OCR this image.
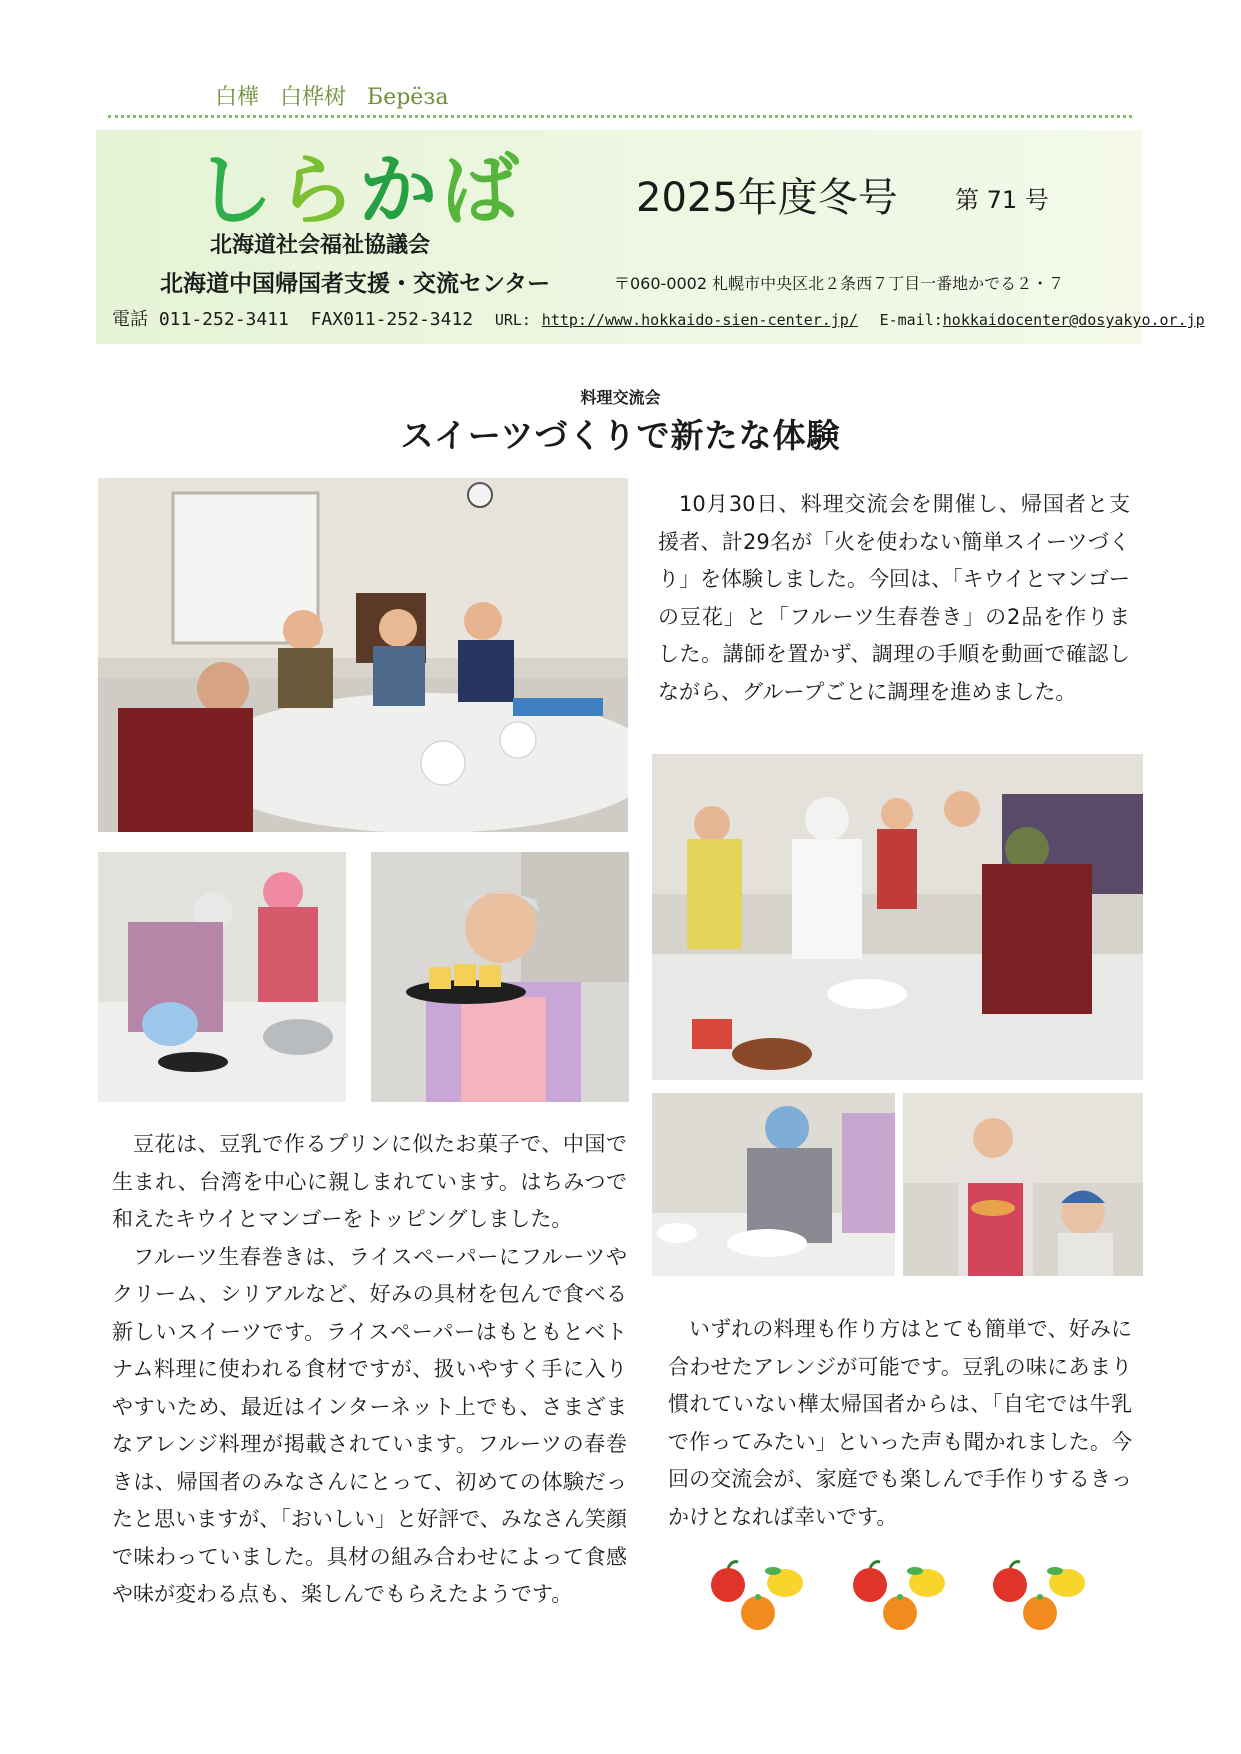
白樺 白桦树 Берёза
しらかば	2025年度冬号 第 71 号
北海道社会福祉協議会
北海道中国帰国者支援・交流センター	〒060-0002 札幌市中央区北２条西７丁目一番地かでる２・７
電話 011-252-3411 FAX011-252-3412 URL: http://www.hokkaido-sien-center.jp/ E-mail:hokkaidocenter@dosyakyo.or.jp
料理交流会
スイーツづくりで新たな体験

10月30日、料理交流会を開催し、帰国者と支援者、計29名が「火を使わない簡単スイーツづくり」を体験しました。今回は、「キウイとマンゴーの豆花」と「フルーツ生春巻き」の2品を作りました。講師を置かず、調理の手順を動画で確認しながら、グループごとに調理を進めました。

豆花は、豆乳で作るプリンに似たお菓子で、中国で生まれ、台湾を中心に親しまれています。はちみつで和えたキウイとマンゴーをトッピングしました。

フルーツ生春巻きは、ライスペーパーにフルーツやクリーム、シリアルなど、好みの具材を包んで食べる新しいスイーツです。ライスペーパーはもともとベトナム料理に使われる食材ですが、扱いやすく手に入りやすいため、最近はインターネット上でも、さまざまなアレンジ料理が掲載されています。フルーツの春巻きは、帰国者のみなさんにとって、初めての体験だったと思いますが、「おいしい」と好評で、みなさん笑顔で味わっていました。具材の組み合わせによって食感や味が変わる点も、楽しんでもらえたようです。

いずれの料理も作り方はとても簡単で、好みに合わせたアレンジが可能です。豆乳の味にあまり慣れていない樺太帰国者からは、「自宅では牛乳で作ってみたい」といった声も聞かれました。今回の交流会が、家庭でも楽しんで手作りするきっかけとなれば幸いです。
